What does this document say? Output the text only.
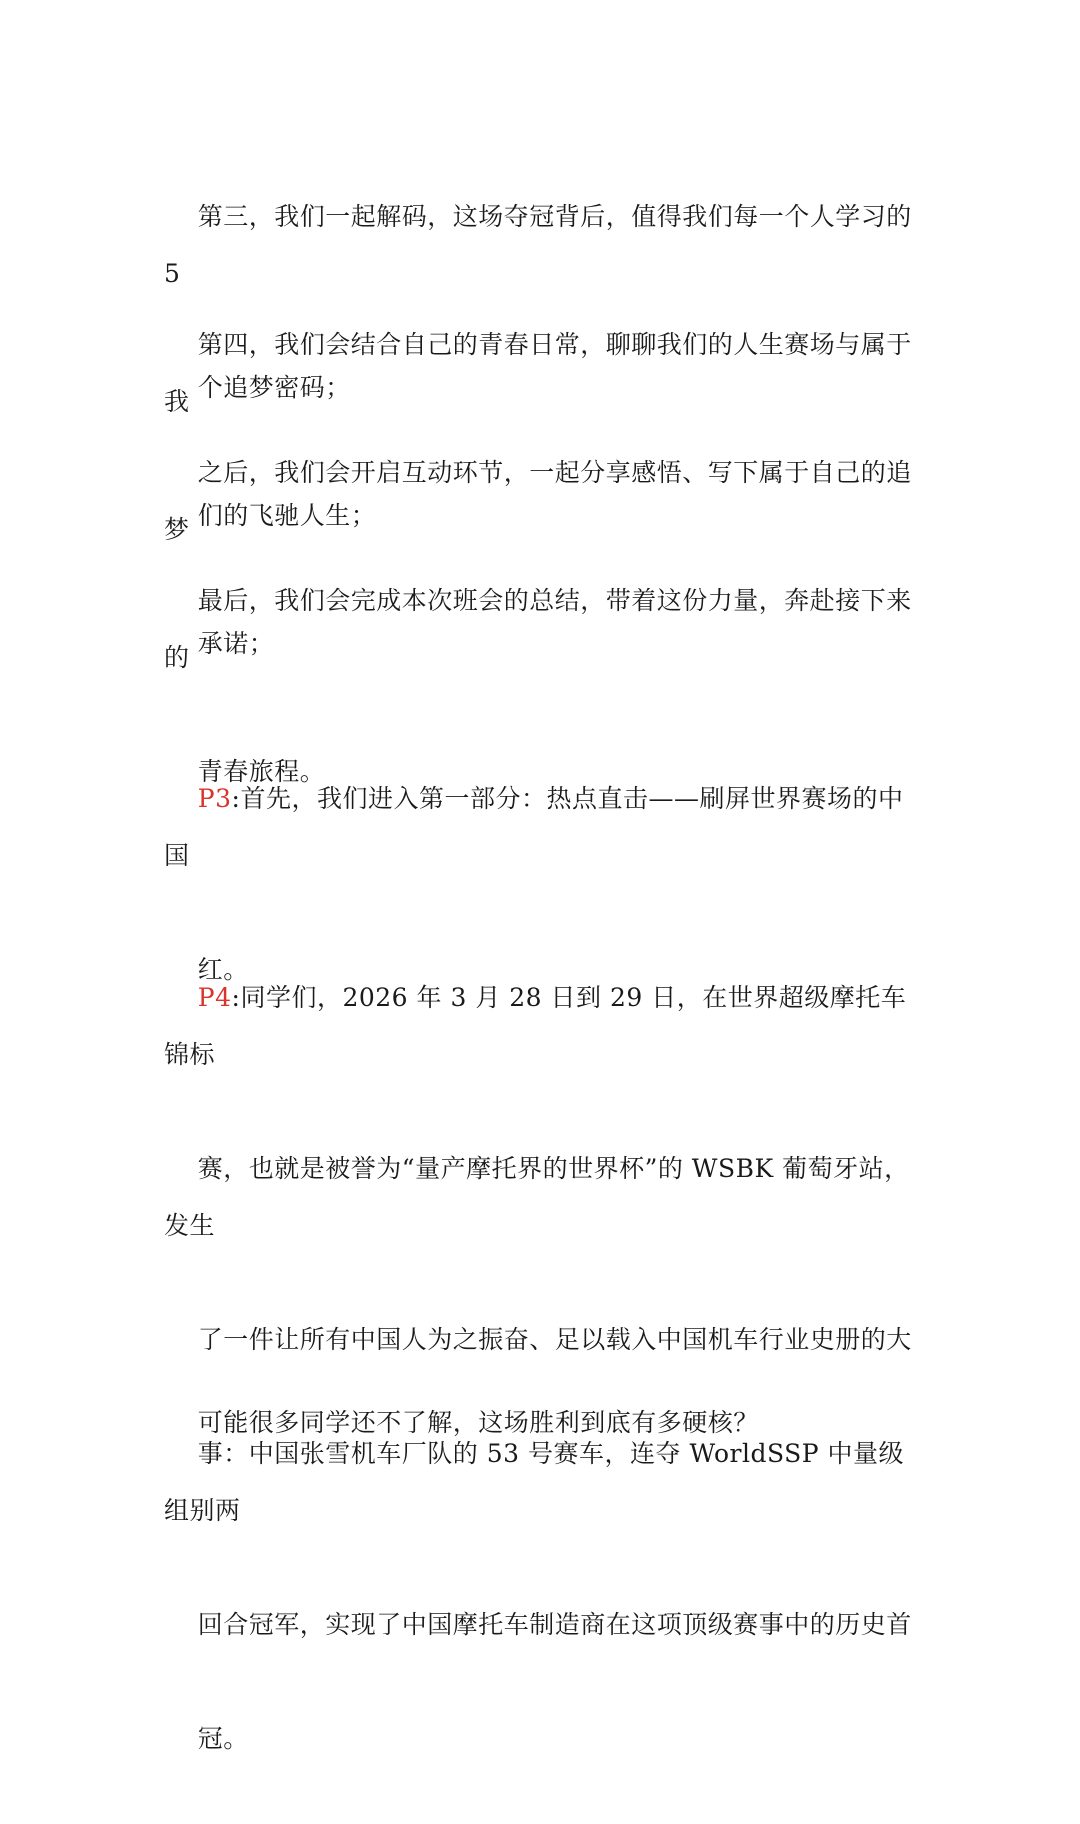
第三，我们一起解码，这场夺冠背后，值得我们每一个人学习的 5

个追梦密码；

第四，我们会结合自己的青春日常，聊聊我们的人生赛场与属于我

们的飞驰人生；

之后，我们会开启互动环节，一起分享感悟、写下属于自己的追梦

承诺；

最后，我们会完成本次班会的总结，带着这份力量，奔赴接下来的

青春旅程。

P3:首先，我们进入第一部分：热点直击——刷屏世界赛场的中国

红。

P4:同学们，2026 年 3 月 28 日到 29 日，在世界超级摩托车锦标

赛，也就是被誉为“量产摩托界的世界杯”的 WSBK 葡萄牙站，发生

了一件让所有中国人为之振奋、足以载入中国机车行业史册的大

事：中国张雪机车厂队的 53 号赛车，连夺 WorldSSP 中量级组别两

回合冠军，实现了中国摩托车制造商在这项顶级赛事中的历史首

冠。

可能很多同学还不了解，这场胜利到底有多硬核？
